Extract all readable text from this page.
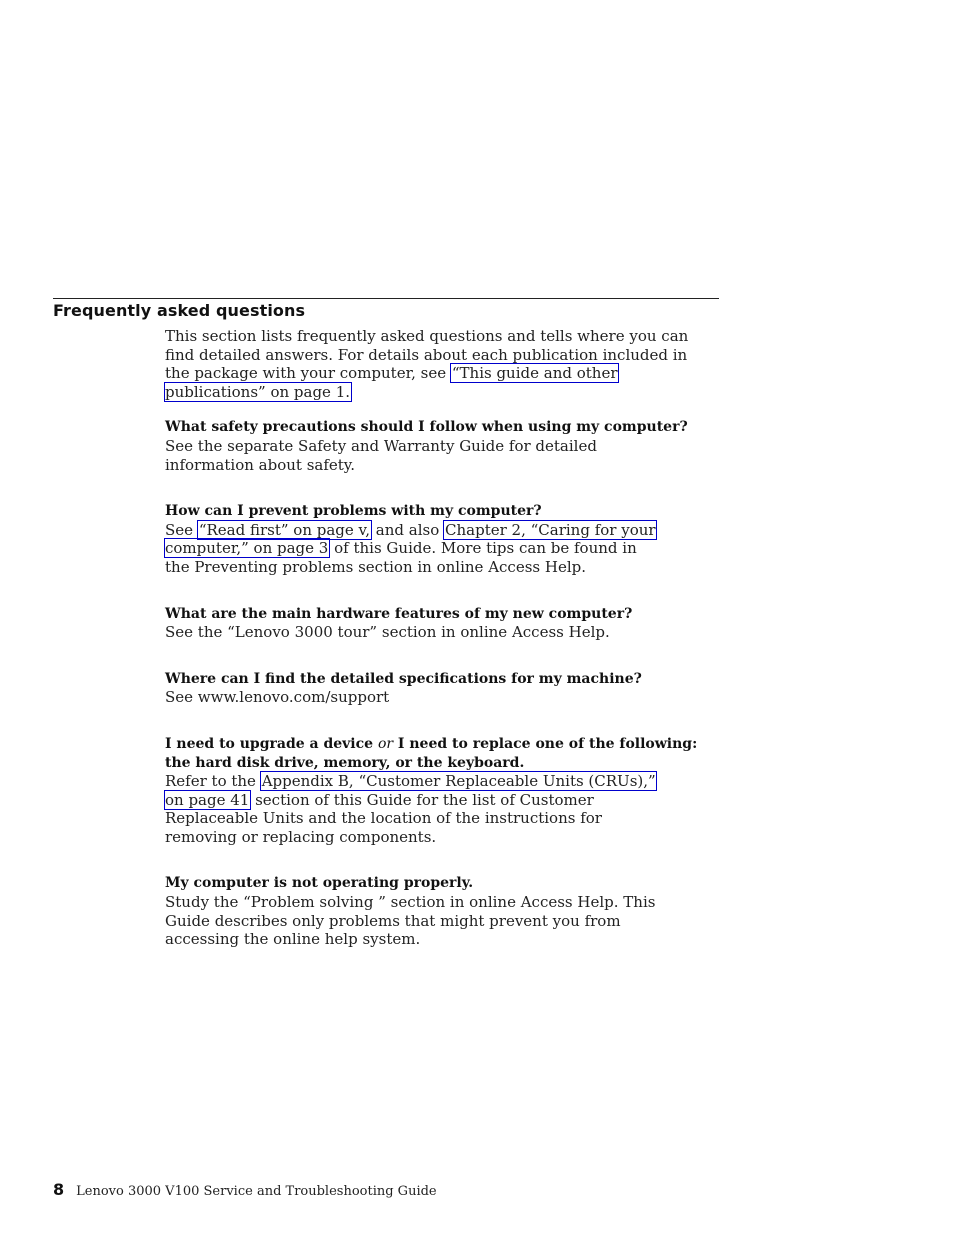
Frequently asked questions

This section lists frequently asked questions and tells where you can find detailed answers. For details about each publication included in the package with your computer, see “This guide and other publications” on page 1.

What safety precautions should I follow when using my computer?

See the separate Safety and Warranty Guide for detailed information about safety.

How can I prevent problems with my computer?

See “Read first” on page v, and also Chapter 2, “Caring for your computer,” on page 3 of this Guide. More tips can be found in the Preventing problems section in online Access Help.

What are the main hardware features of my new computer?

See the “Lenovo 3000 tour” section in online Access Help.

Where can I find the detailed specifications for my machine?

See www.lenovo.com/support

I need to upgrade a device or I need to replace one of the following: the hard disk drive, memory, or the keyboard.

Refer to the Appendix B, “Customer Replaceable Units (CRUs),” on page 41 section of this Guide for the list of Customer Replaceable Units and the location of the instructions for removing or replacing components.

My computer is not operating properly.

Study the “Problem solving ” section in online Access Help. This Guide describes only problems that might prevent you from accessing the online help system.

8 Lenovo 3000 V100 Service and Troubleshooting Guide
